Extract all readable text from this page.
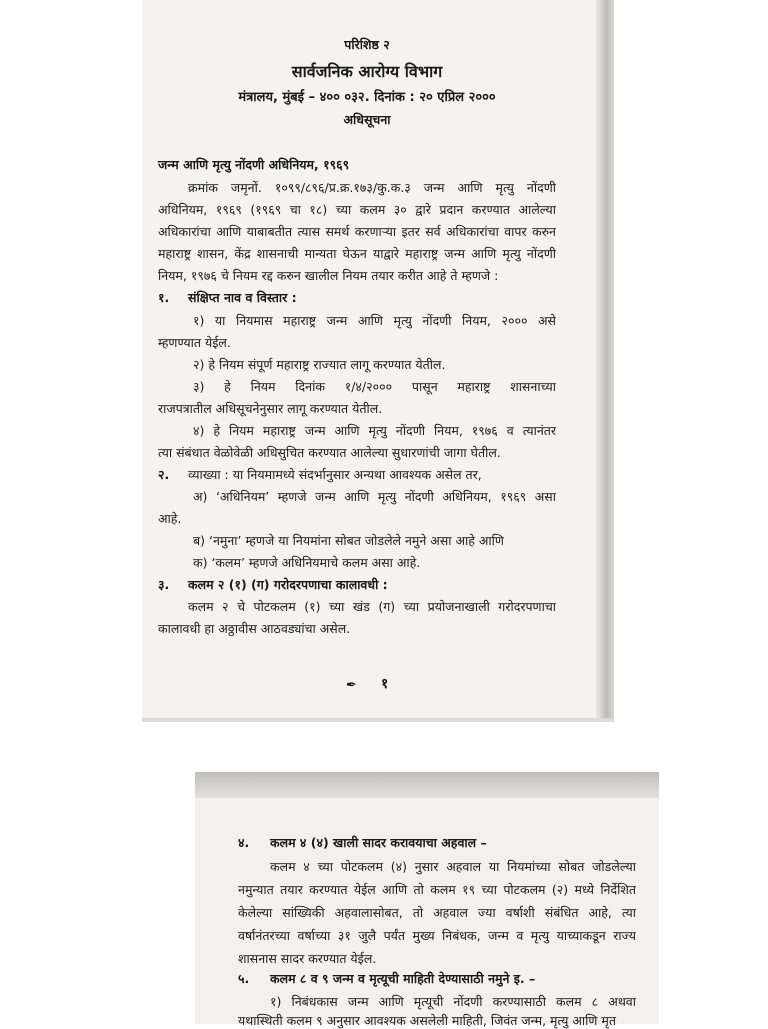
परिशिष्ठ २
सार्वजनिक आरोग्य विभाग
मंत्रालय, मुंबई – ४०० ०३२. दिनांक : २० एप्रिल २०००
अधिसूचना
जन्म आणि मृत्यु नोंदणी अधिनियम, १९६९
क्रमांक जमृनों. १०९९/८९६/प्र.क्र.१७३/कु.क.३ जन्म आणि मृत्यु नोंदणी
अधिनियम, १९६९ (१९६९ चा १८) च्या कलम ३० द्वारे प्रदान करण्यात आलेल्या
अधिकारांचा आणि याबाबतीत त्यास समर्थ करणाऱ्या इतर सर्व अधिकारांचा वापर करुन
महाराष्ट्र शासन, केंद्र शासनाची मान्यता घेऊन याद्वारे महाराष्ट्र जन्म आणि मृत्यु नोंदणी
नियम, १९७६ चे नियम रद्द करुन खालील नियम तयार करीत आहे ते म्हणजे :
१. संक्षिप्त नाव व विस्तार :
१) या नियमास महाराष्ट्र जन्म आणि मृत्यु नोंदणी नियम, २००० असे
म्हणण्यात येईल.
२) हे नियम संपूर्ण महाराष्ट्र राज्यात लागू करण्यात येतील.
३) हे नियम दिनांक १/४/२००० पासून महाराष्ट्र शासनाच्या
राजपत्रातील अधिसूचनेनुसार लागू करण्यात येतील.
४) हे नियम महाराष्ट्र जन्म आणि मृत्यु नोंदणी नियम, १९७६ व त्यानंतर
त्या संबंधात वेळोवेळी अधिसुचित करण्यात आलेल्या सुधारणांची जागा घेतील.
२. व्याख्या : या नियमामध्ये संदर्भानुसार अन्यथा आवश्यक असेल तर,
अ) ‘अधिनियम’ म्हणजे जन्म आणि मृत्यु नोंदणी अधिनियम, १९६९ असा
आहे.
ब) ‘नमुना’ म्हणजे या नियमांना सोबत जोडलेले नमुने असा आहे आणि
क) ‘कलम’ म्हणजे अधिनियमाचे कलम असा आहे.
३. कलम २ (१) (ग) गरोदरपणाचा कालावधी :
कलम २ चे पोटकलम (१) च्या खंड (ग) च्या प्रयोजनाखाली गरोदरपणाचा
कालावधी हा अठ्ठावीस आठवड्यांचा असेल.
✒ १
४. कलम ४ (४) खाली सादर करावयाचा अहवाल –
कलम ४ च्या पोटकलम (४) नुसार अहवाल या नियमांच्या सोबत जोडलेल्या
नमुन्यात तयार करण्यात येईल आणि तो कलम १९ च्या पोटकलम (२) मध्ये निर्देशित
केलेल्या सांख्यिकी अहवालासोबत, तो अहवाल ज्या वर्षाशी संबंधित आहे, त्या
वर्षानंतरच्या वर्षाच्या ३१ जुलै पर्यंत मुख्य निबंधक, जन्म व मृत्यु याच्याकडून राज्य
शासनास सादर करण्यात येईल.
५. कलम ८ व ९ जन्म व मृत्यूची माहिती देण्यासाठी नमुने इ. –
१) निबंधकास जन्म आणि मृत्यूची नोंदणी करण्यासाठी कलम ८ अथवा
यथास्थिती कलम ९ अनुसार आवश्यक असलेली माहिती, जिवंत जन्म, मृत्यु आणि मृत
